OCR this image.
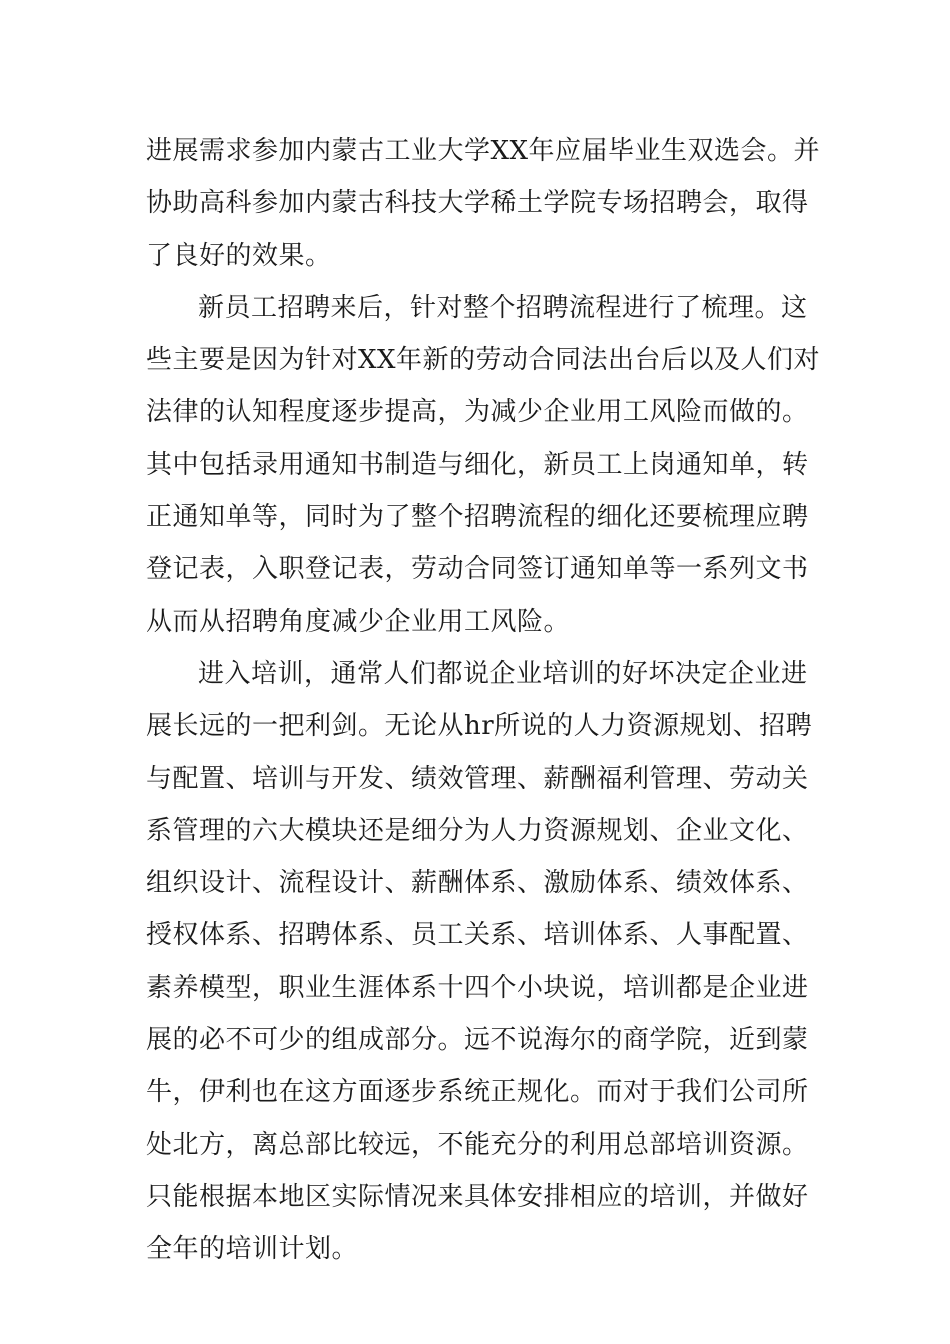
进展需求参加内蒙古工业大学XX年应届毕业生双选会。并
协助高科参加内蒙古科技大学稀土学院专场招聘会，取得
了良好的效果。
新员工招聘来后，针对整个招聘流程进行了梳理。这
些主要是因为针对XX年新的劳动合同法出台后以及人们对
法律的认知程度逐步提高，为减少企业用工风险而做的。
其中包括录用通知书制造与细化，新员工上岗通知单，转
正通知单等，同时为了整个招聘流程的细化还要梳理应聘
登记表，入职登记表，劳动合同签订通知单等一系列文书
从而从招聘角度减少企业用工风险。
进入培训，通常人们都说企业培训的好坏决定企业进
展长远的一把利剑。无论从hr所说的人力资源规划、招聘
与配置、培训与开发、绩效管理、薪酬福利管理、劳动关
系管理的六大模块还是细分为人力资源规划、企业文化、
组织设计、流程设计、薪酬体系、激励体系、绩效体系、
授权体系、招聘体系、员工关系、培训体系、人事配置、
素养模型，职业生涯体系十四个小块说，培训都是企业进
展的必不可少的组成部分。远不说海尔的商学院，近到蒙
牛，伊利也在这方面逐步系统正规化。而对于我们公司所
处北方，离总部比较远，不能充分的利用总部培训资源。
只能根据本地区实际情况来具体安排相应的培训，并做好
全年的培训计划。
